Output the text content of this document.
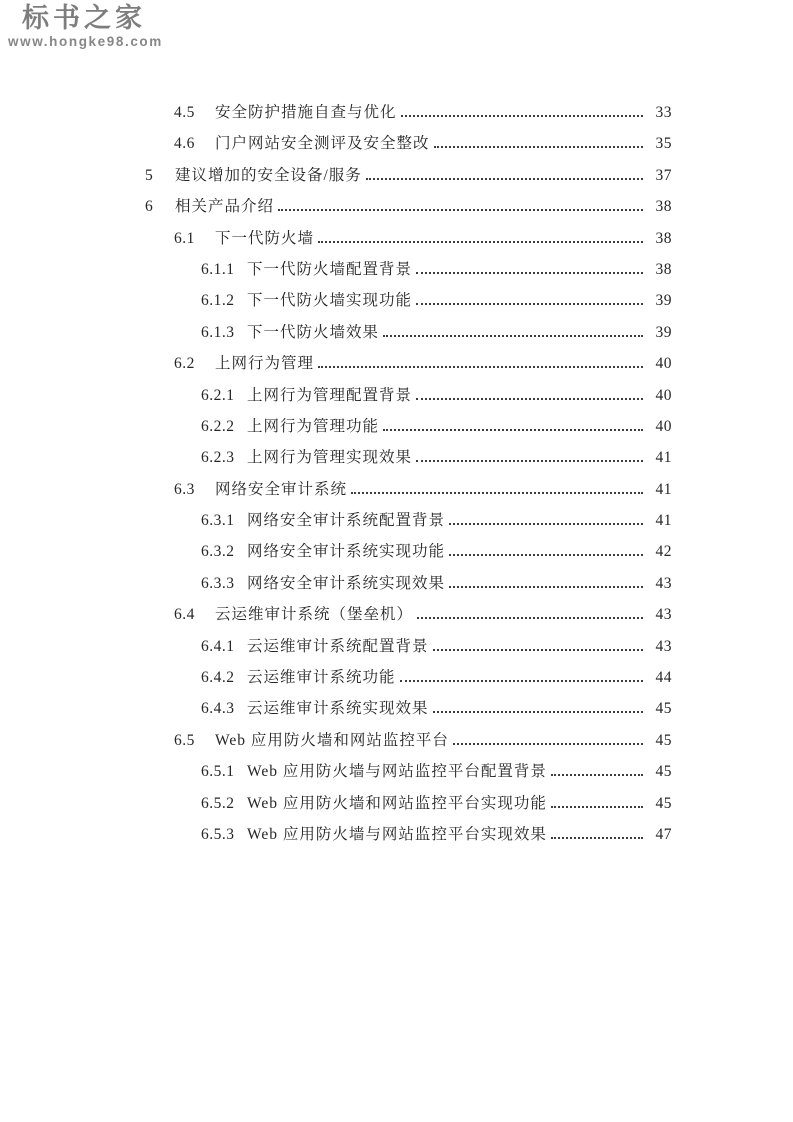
标书之家
www.hongke98.com
4.5	安全防护措施自查与优化	33
4.6	门户网站安全测评及安全整改	35
5	建议增加的安全设备/服务	37
6	相关产品介绍	38
6.1	下一代防火墙	38
6.1.1 下一代防火墙配置背景	38
6.1.2 下一代防火墙实现功能	39
6.1.3 下一代防火墙效果	39
6.2	上网行为管理	40
6.2.1 上网行为管理配置背景	40
6.2.2 上网行为管理功能	40
6.2.3 上网行为管理实现效果	41
6.3	网络安全审计系统	41
6.3.1 网络安全审计系统配置背景	41
6.3.2 网络安全审计系统实现功能	42
6.3.3 网络安全审计系统实现效果	43
6.4	云运维审计系统（堡垒机）	43
6.4.1 云运维审计系统配置背景	43
6.4.2 云运维审计系统功能	44
6.4.3 云运维审计系统实现效果	45
6.5	Web 应用防火墙和网站监控平台	45
6.5.1 Web 应用防火墙与网站监控平台配置背景	45
6.5.2 Web 应用防火墙和网站监控平台实现功能	45
6.5.3 Web 应用防火墙与网站监控平台实现效果	47
